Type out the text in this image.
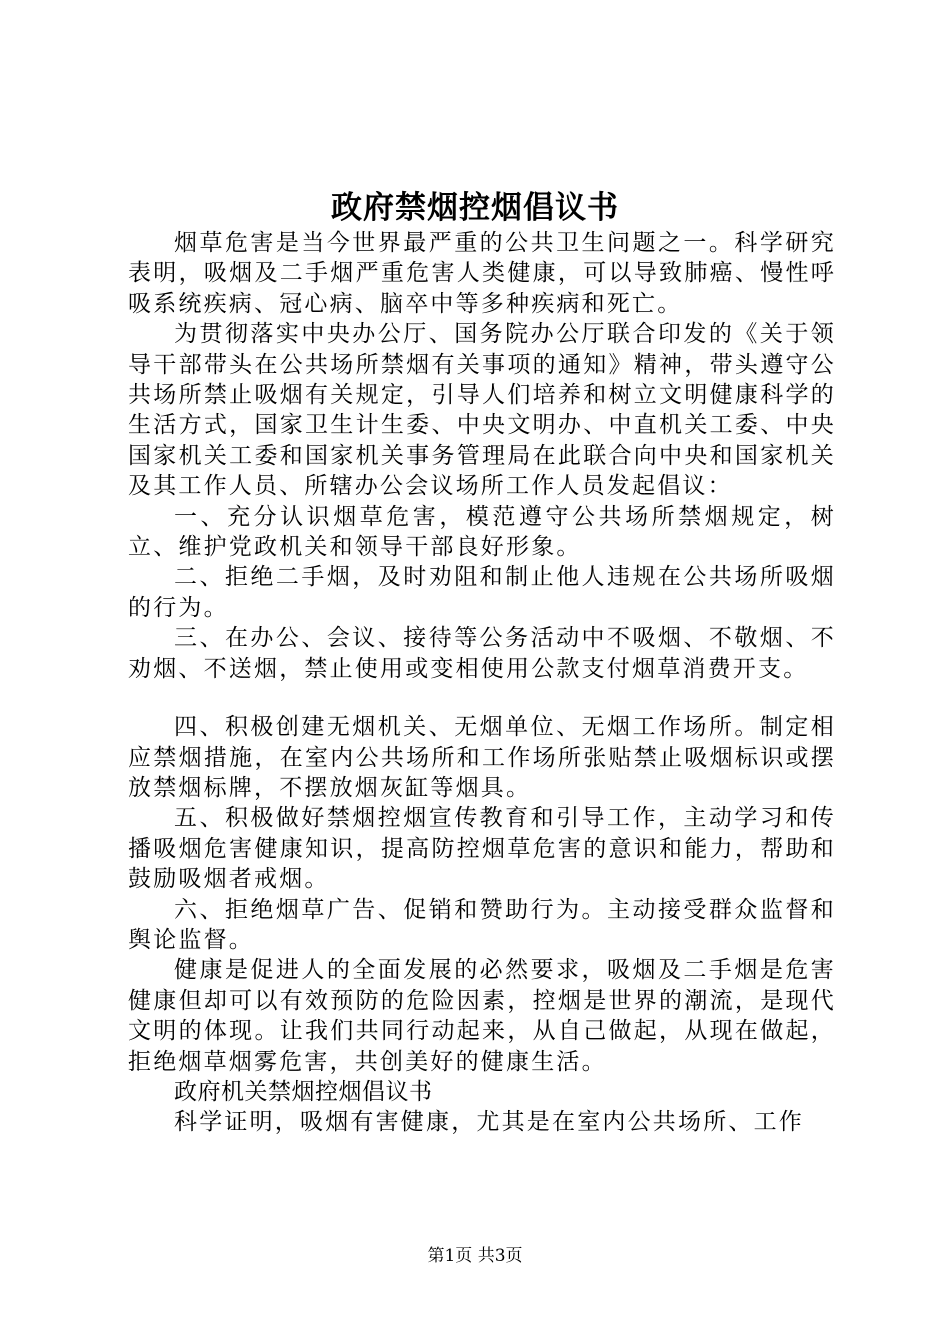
政府禁烟控烟倡议书

烟草危害是当今世界最严重的公共卫生问题之一。科学研究表明，吸烟及二手烟严重危害人类健康，可以导致肺癌、慢性呼吸系统疾病、冠心病、脑卒中等多种疾病和死亡。

为贯彻落实中央办公厅、国务院办公厅联合印发的《关于领导干部带头在公共场所禁烟有关事项的通知》精神，带头遵守公共场所禁止吸烟有关规定，引导人们培养和树立文明健康科学的生活方式，国家卫生计生委、中央文明办、中直机关工委、中央国家机关工委和国家机关事务管理局在此联合向中央和国家机关及其工作人员、所辖办公会议场所工作人员发起倡议：

一、充分认识烟草危害，模范遵守公共场所禁烟规定，树立、维护党政机关和领导干部良好形象。

二、拒绝二手烟，及时劝阻和制止他人违规在公共场所吸烟的行为。

三、在办公、会议、接待等公务活动中不吸烟、不敬烟、不劝烟、不送烟，禁止使用或变相使用公款支付烟草消费开支。

四、积极创建无烟机关、无烟单位、无烟工作场所。制定相应禁烟措施，在室内公共场所和工作场所张贴禁止吸烟标识或摆放禁烟标牌，不摆放烟灰缸等烟具。

五、积极做好禁烟控烟宣传教育和引导工作，主动学习和传播吸烟危害健康知识，提高防控烟草危害的意识和能力，帮助和鼓励吸烟者戒烟。

六、拒绝烟草广告、促销和赞助行为。主动接受群众监督和舆论监督。

健康是促进人的全面发展的必然要求，吸烟及二手烟是危害健康但却可以有效预防的危险因素，控烟是世界的潮流，是现代文明的体现。让我们共同行动起来，从自己做起，从现在做起，拒绝烟草烟雾危害，共创美好的健康生活。

政府机关禁烟控烟倡议书

科学证明，吸烟有害健康，尤其是在室内公共场所、工作

第1页 共3页
